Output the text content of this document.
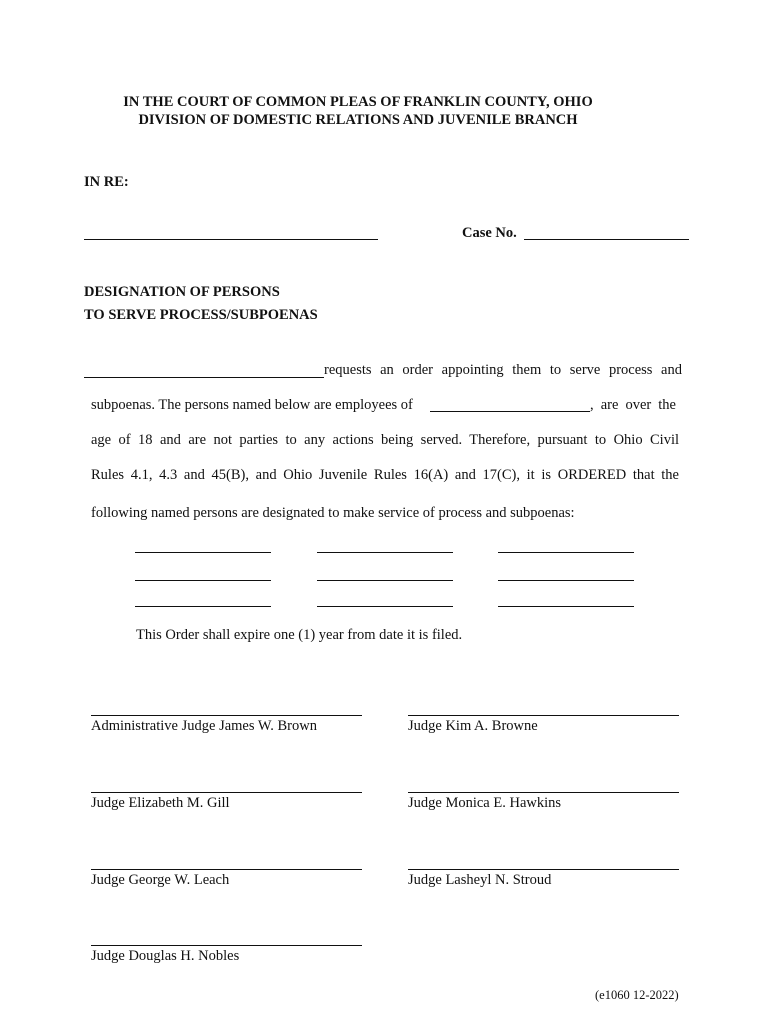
IN THE COURT OF COMMON PLEAS OF FRANKLIN COUNTY, OHIO
DIVISION OF DOMESTIC RELATIONS AND JUVENILE BRANCH
IN RE:
Case No.
DESIGNATION OF PERSONS
TO SERVE PROCESS/SUBPOENAS
requests an order appointing them to serve process and
subpoenas. The persons named below are employees of	, are over the
age of 18 and are not parties to any actions being served. Therefore, pursuant to Ohio Civil
Rules 4.1, 4.3 and 45(B), and Ohio Juvenile Rules 16(A) and 17(C), it is ORDERED that the
following named persons are designated to make service of process and subpoenas:
This Order shall expire one (1) year from date it is filed.
Administrative Judge James W. Brown	Judge Kim A. Browne
Judge Elizabeth M. Gill	Judge Monica E. Hawkins
Judge George W. Leach	Judge Lasheyl N. Stroud
Judge Douglas H. Nobles
(e1060 12-2022)
